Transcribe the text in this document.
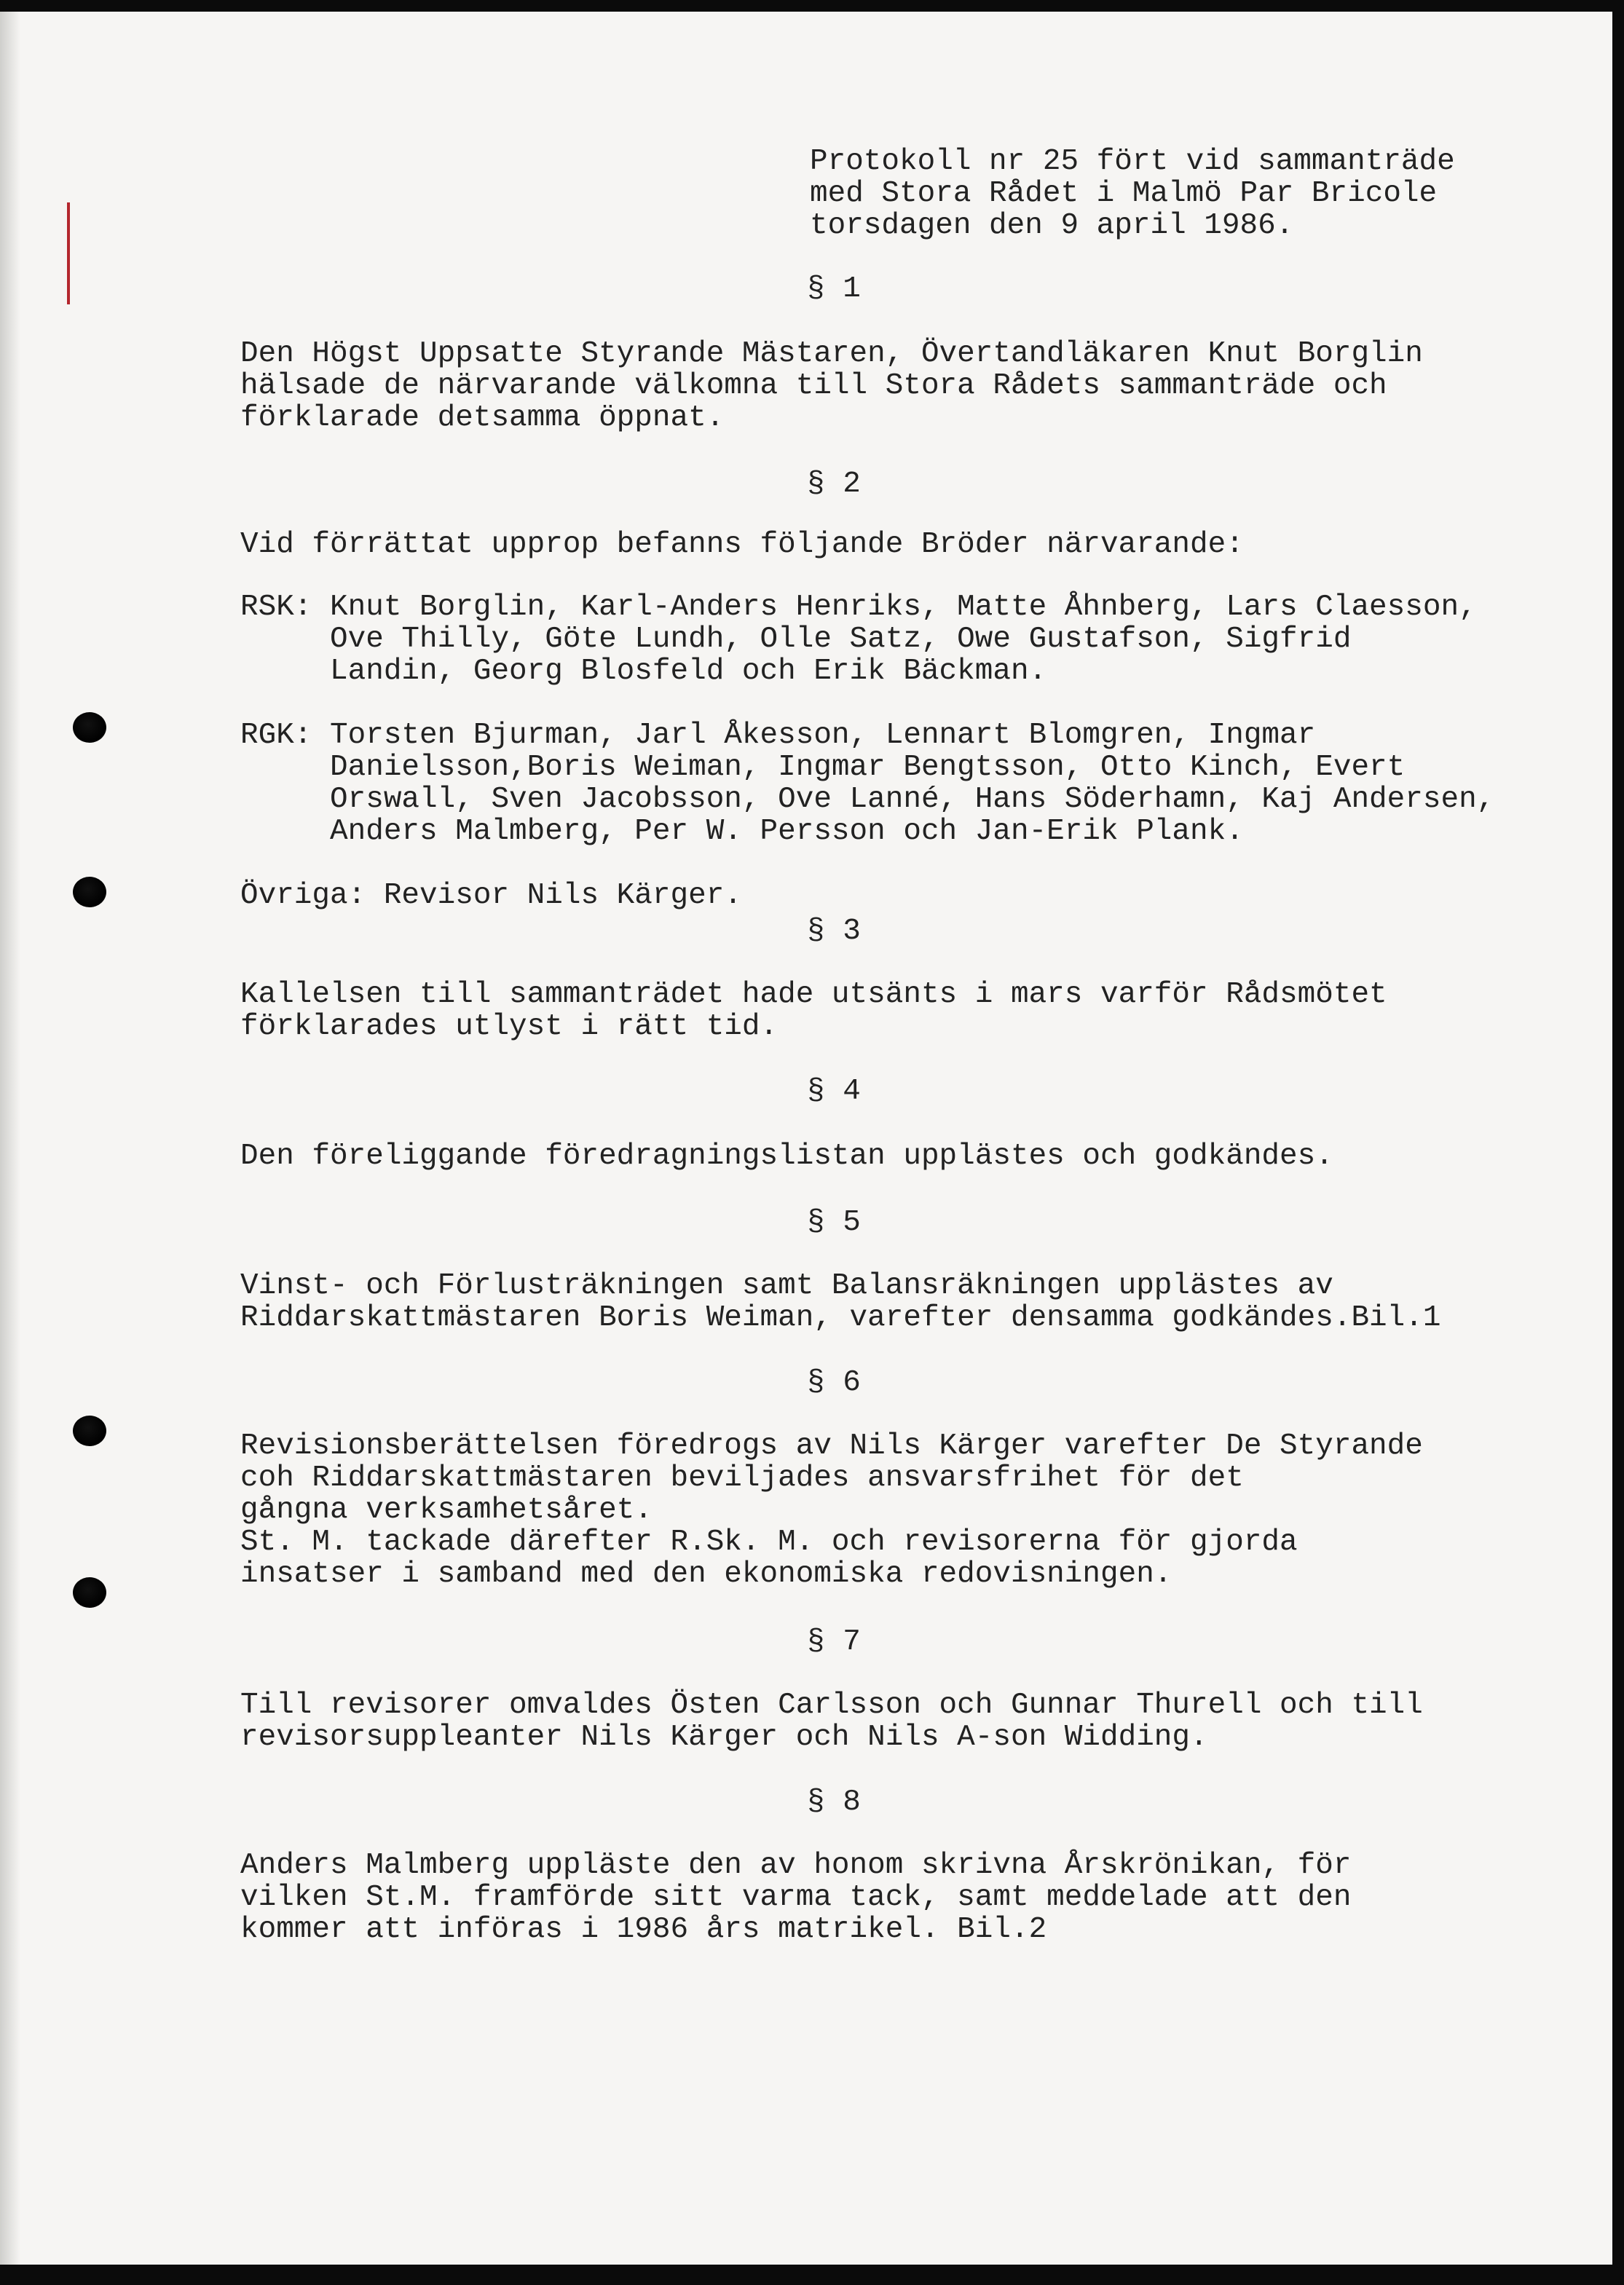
Protokoll nr 25 fört vid sammanträde
med Stora Rådet i Malmö Par Bricole
torsdagen den 9 april 1986.
§ 1
Den Högst Uppsatte Styrande Mästaren, Övertandläkaren Knut Borglin
hälsade de närvarande välkomna till Stora Rådets sammanträde och
förklarade detsamma öppnat.
§ 2
Vid förrättat upprop befanns följande Bröder närvarande:
RSK: Knut Borglin, Karl-Anders Henriks, Matte Åhnberg, Lars Claesson,
Ove Thilly, Göte Lundh, Olle Satz, Owe Gustafson, Sigfrid
Landin, Georg Blosfeld och Erik Bäckman.
RGK: Torsten Bjurman, Jarl Åkesson, Lennart Blomgren, Ingmar
Danielsson,Boris Weiman, Ingmar Bengtsson, Otto Kinch, Evert
Orswall, Sven Jacobsson, Ove Lanné, Hans Söderhamn, Kaj Andersen,
Anders Malmberg, Per W. Persson och Jan-Erik Plank.
Övriga: Revisor Nils Kärger.
§ 3
Kallelsen till sammanträdet hade utsänts i mars varför Rådsmötet
förklarades utlyst i rätt tid.
§ 4
Den föreliggande föredragningslistan upplästes och godkändes.
§ 5
Vinst- och Förlusträkningen samt Balansräkningen upplästes av
Riddarskattmästaren Boris Weiman, varefter densamma godkändes.Bil.1
§ 6
Revisionsberättelsen föredrogs av Nils Kärger varefter De Styrande
coh Riddarskattmästaren beviljades ansvarsfrihet för det
gångna verksamhetsåret.
St. M. tackade därefter R.Sk. M. och revisorerna för gjorda
insatser i samband med den ekonomiska redovisningen.
§ 7
Till revisorer omvaldes Östen Carlsson och Gunnar Thurell och till
revisorsuppleanter Nils Kärger och Nils A-son Widding.
§ 8
Anders Malmberg uppläste den av honom skrivna Årskrönikan, för
vilken St.M. framförde sitt varma tack, samt meddelade att den
kommer att införas i 1986 års matrikel. Bil.2
